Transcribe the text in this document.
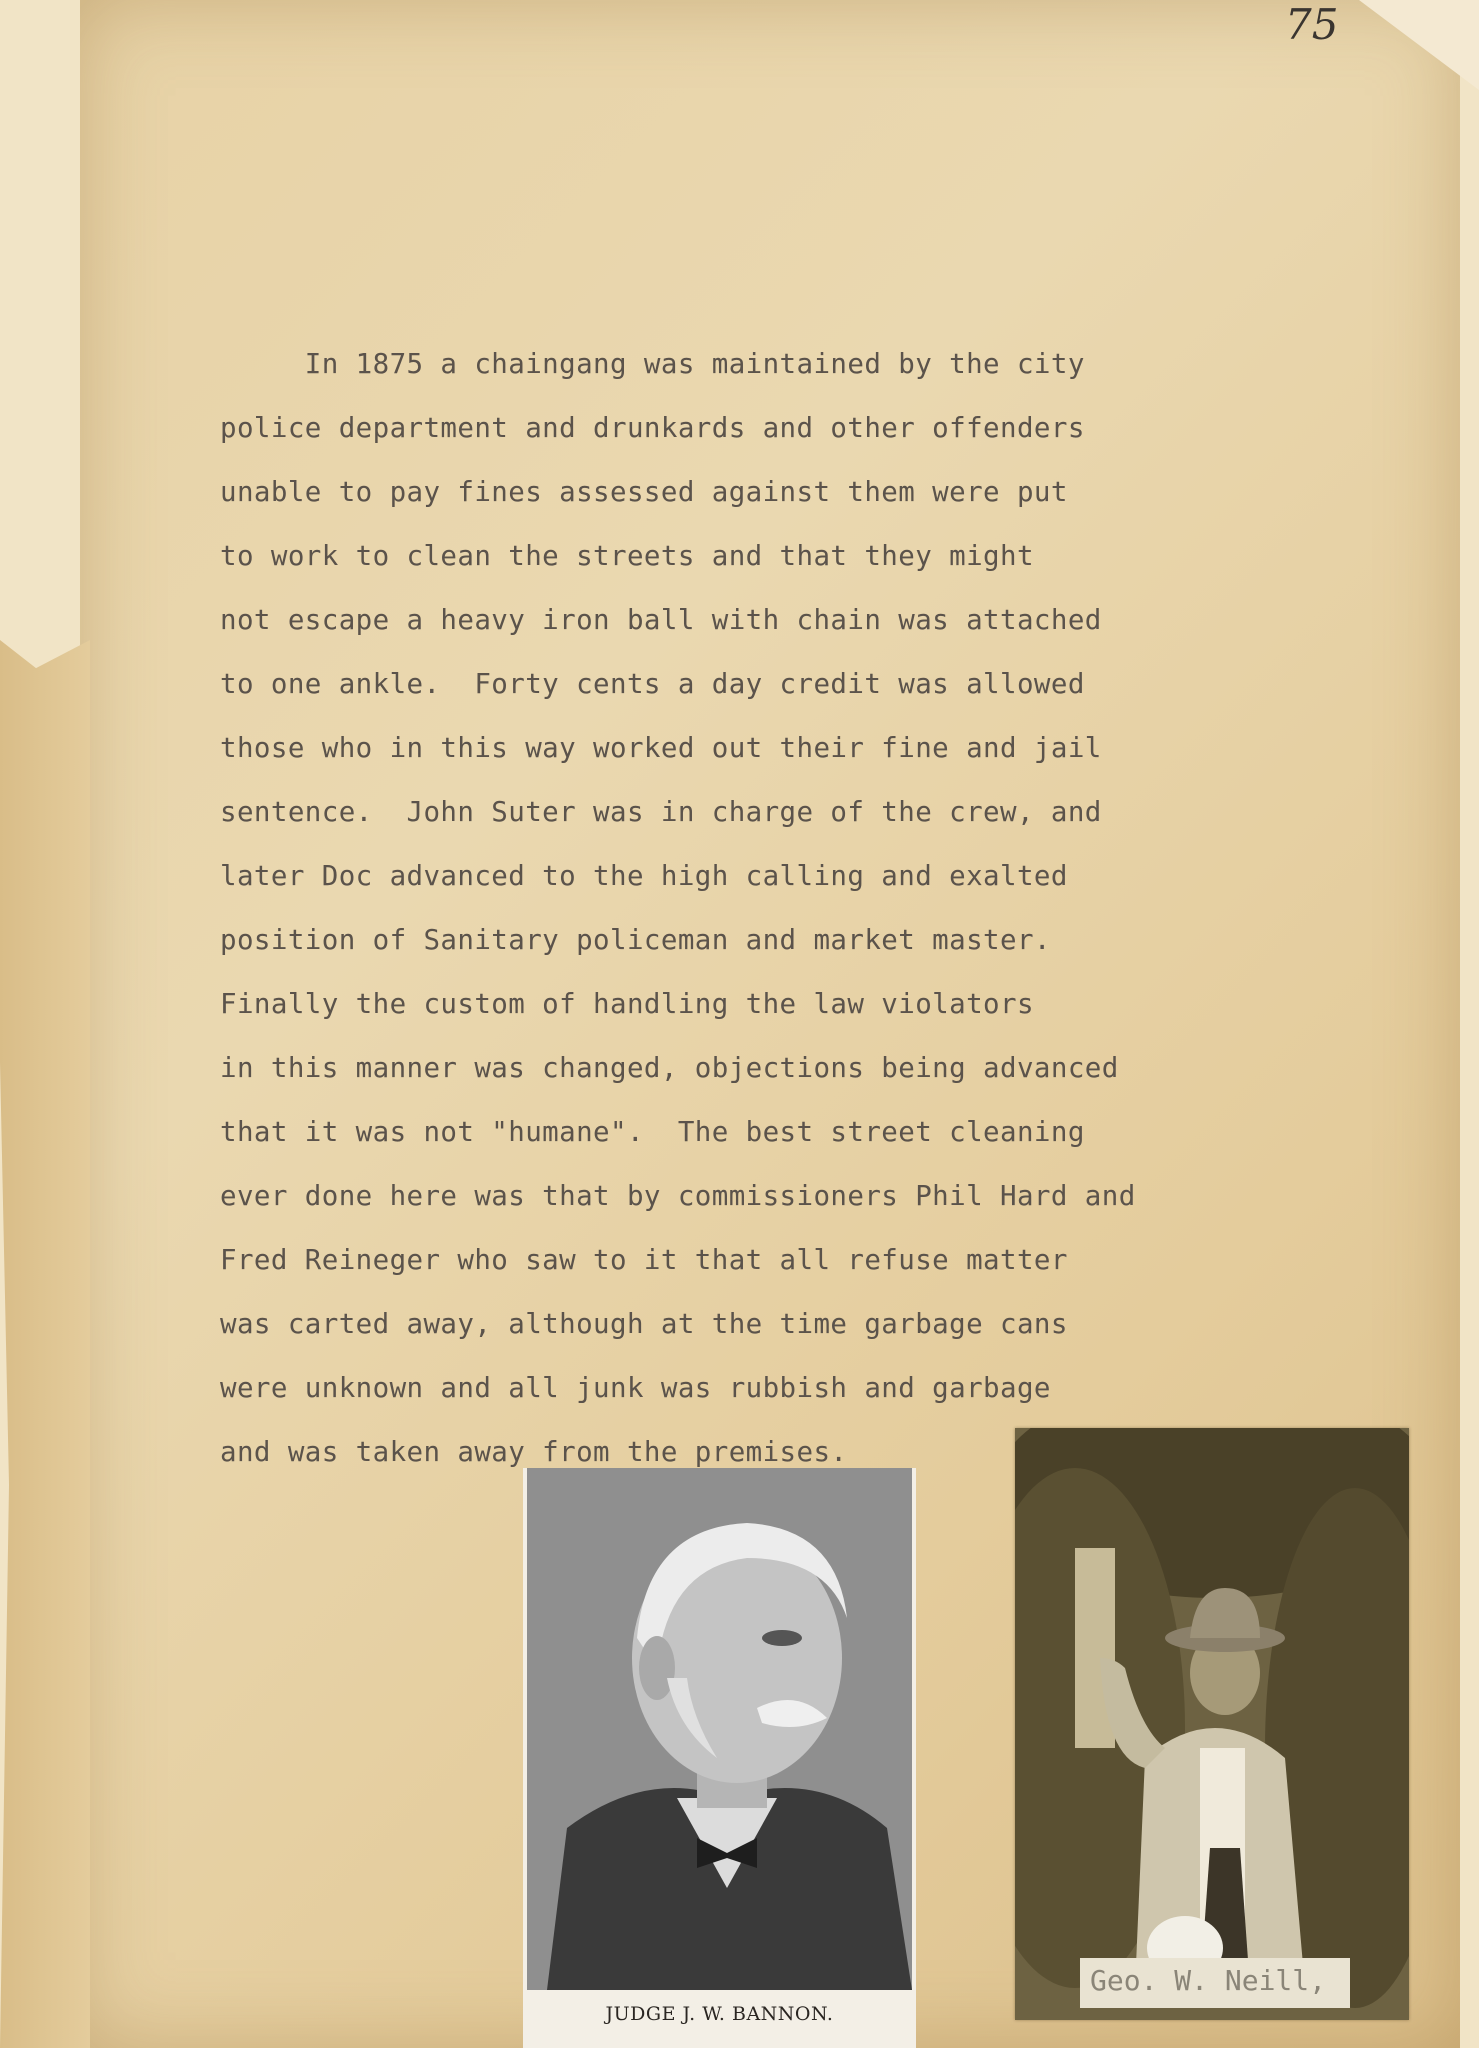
75
In 1875 a chaingang was maintained by the city
police department and drunkards and other offenders
unable to pay fines assessed against them were put
to work to clean the streets and that they might
not escape a heavy iron ball with chain was attached
to one ankle.  Forty cents a day credit was allowed
those who in this way worked out their fine and jail
sentence.  John Suter was in charge of the crew, and
later Doc advanced to the high calling and exalted
position of Sanitary policeman and market master.
Finally the custom of handling the law violators
in this manner was changed, objections being advanced
that it was not "humane".  The best street cleaning
ever done here was that by commissioners Phil Hard and
Fred Reineger who saw to it that all refuse matter
was carted away, although at the time garbage cans
were unknown and all junk was rubbish and garbage
and was taken away from the premises.
JUDGE J. W. BANNON.
Geo. W. Neill,
